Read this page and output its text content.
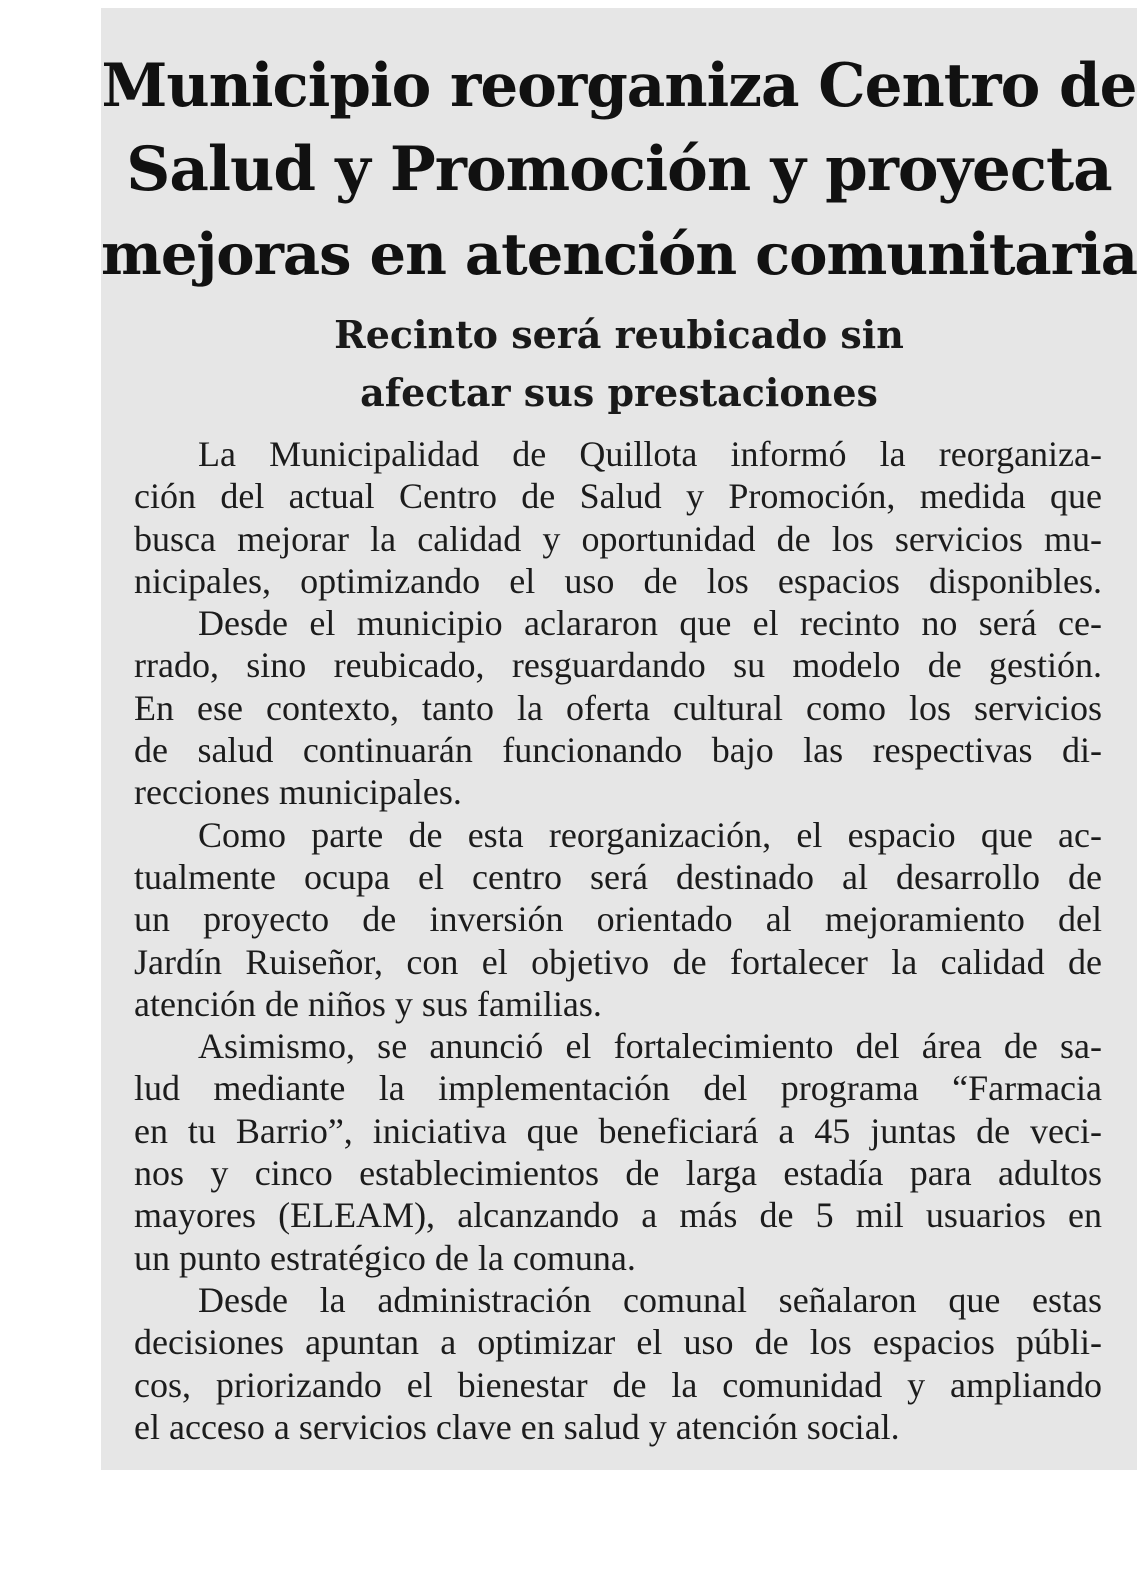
Municipio reorganiza Centro de
Salud y Promoción y proyecta
mejoras en atención comunitaria
Recinto será reubicado sin
afectar sus prestaciones
La Municipalidad de Quillota informó la reorganiza-
ción del actual Centro de Salud y Promoción, medida que
busca mejorar la calidad y oportunidad de los servicios mu-
nicipales, optimizando el uso de los espacios disponibles.
Desde el municipio aclararon que el recinto no será ce-
rrado, sino reubicado, resguardando su modelo de gestión.
En ese contexto, tanto la oferta cultural como los servicios
de salud continuarán funcionando bajo las respectivas di-
recciones municipales.
Como parte de esta reorganización, el espacio que ac-
tualmente ocupa el centro será destinado al desarrollo de
un proyecto de inversión orientado al mejoramiento del
Jardín Ruiseñor, con el objetivo de fortalecer la calidad de
atención de niños y sus familias.
Asimismo, se anunció el fortalecimiento del área de sa-
lud mediante la implementación del programa “Farmacia
en tu Barrio”, iniciativa que beneficiará a 45 juntas de veci-
nos y cinco establecimientos de larga estadía para adultos
mayores (ELEAM), alcanzando a más de 5 mil usuarios en
un punto estratégico de la comuna.
Desde la administración comunal señalaron que estas
decisiones apuntan a optimizar el uso de los espacios públi-
cos, priorizando el bienestar de la comunidad y ampliando
el acceso a servicios clave en salud y atención social.
